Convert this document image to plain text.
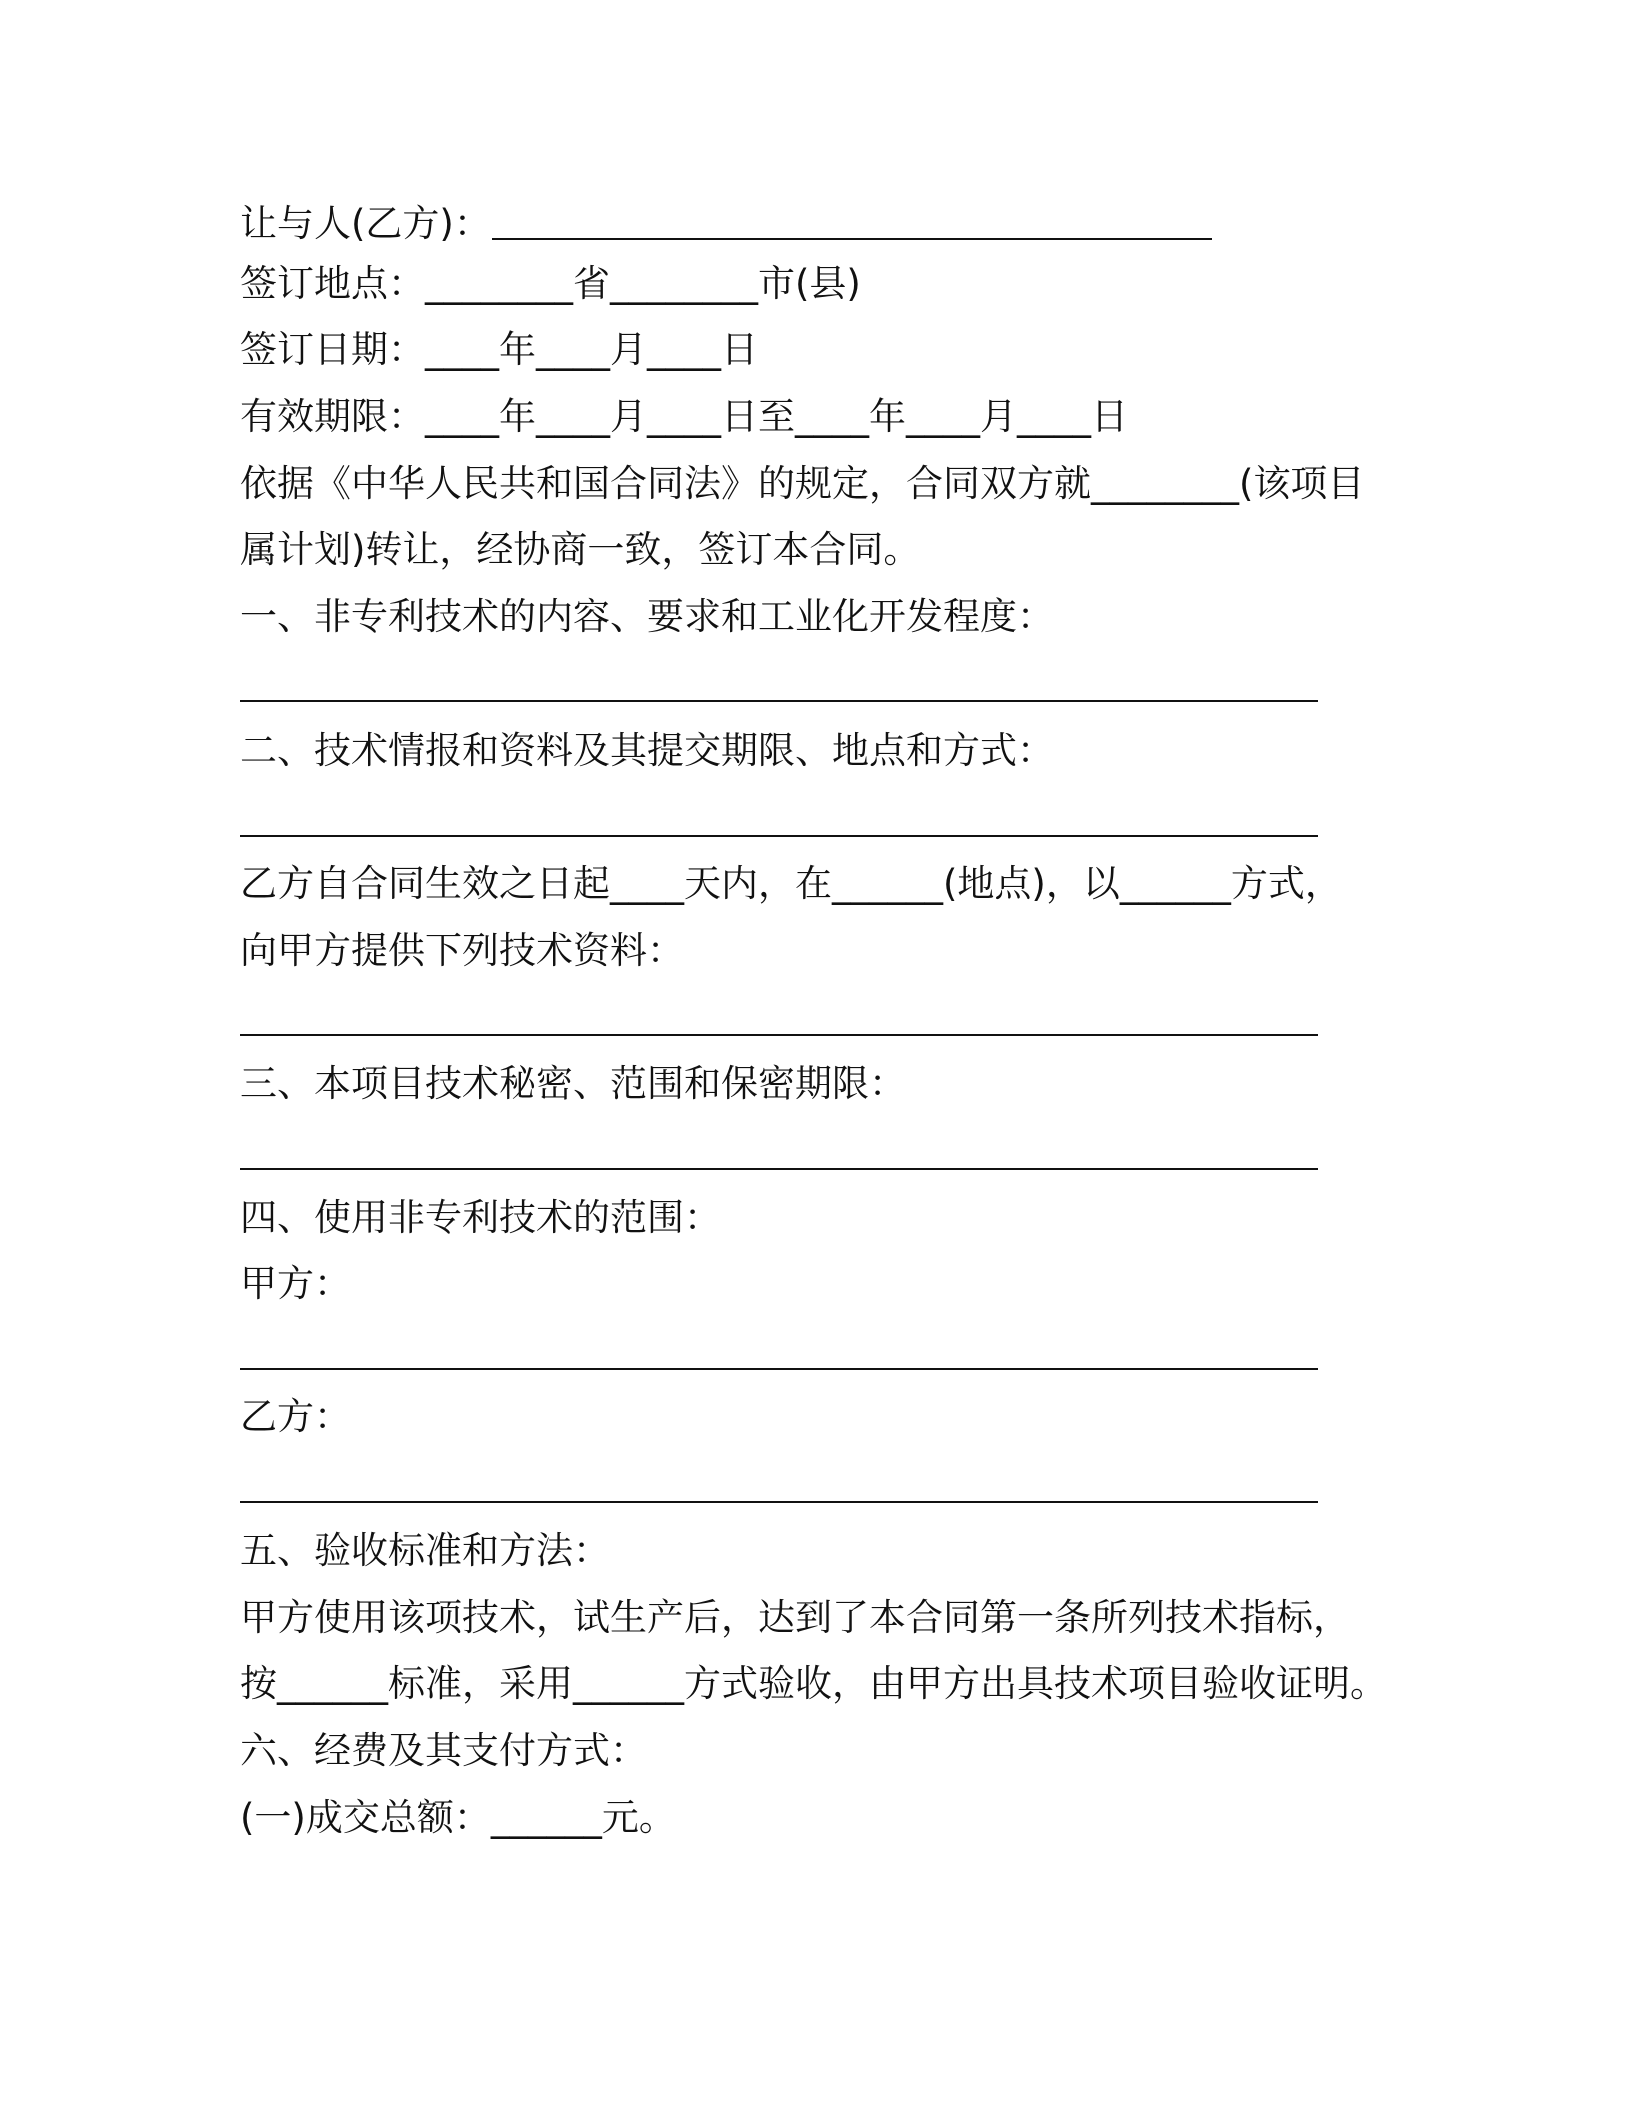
让与人(乙方)：
签订地点：________省________市(县)
签订日期：____年____月____日
有效期限：____年____月____日至____年____月____日
依据《中华人民共和国合同法》的规定，合同双方就________(该项目
属计划)转让，经协商一致，签订本合同。
一、非专利技术的内容、要求和工业化开发程度：
二、技术情报和资料及其提交期限、地点和方式：
乙方自合同生效之日起____天内，在______(地点)，以______方式，
向甲方提供下列技术资料：
三、本项目技术秘密、范围和保密期限：
四、使用非专利技术的范围：
甲方：
乙方：
五、验收标准和方法：
甲方使用该项技术，试生产后，达到了本合同第一条所列技术指标，
按______标准，采用______方式验收，由甲方出具技术项目验收证明。
六、经费及其支付方式：
(一)成交总额：______元。
